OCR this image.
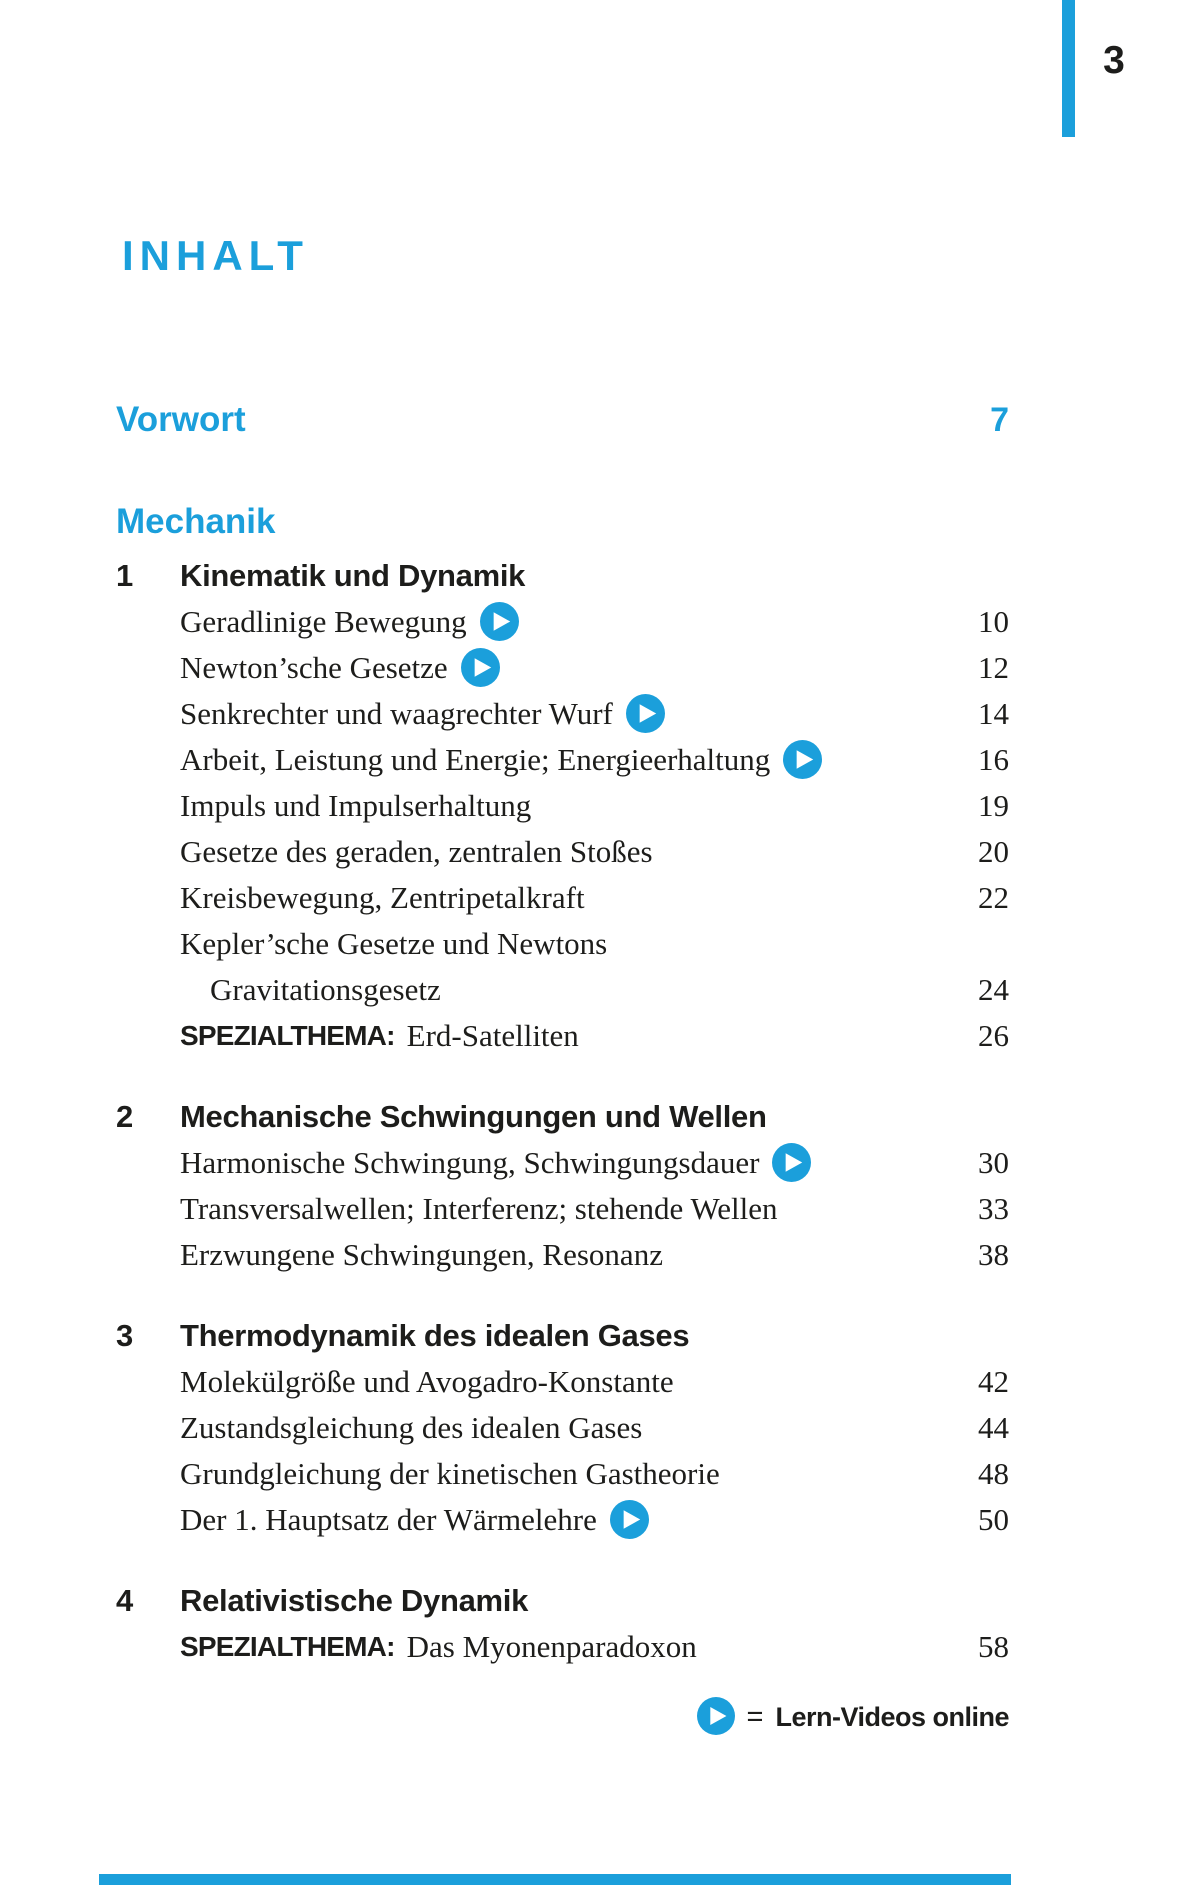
3
INHALT
Vorwort	7
Mechanik
1	Kinematik und Dynamik
Geradlinige Bewegung	10
Newton’sche Gesetze	12
Senkrechter und waagrechter Wurf	14
Arbeit, Leistung und Energie; Energieerhaltung	16
Impuls und Impulserhaltung	19
Gesetze des geraden, zentralen Stoßes	20
Kreisbewegung, Zentripetalkraft	22
Kepler’sche Gesetze und Newtons
Gravitationsgesetz	24
SPEZIALTHEMA: Erd-Satelliten	26
2	Mechanische Schwingungen und Wellen
Harmonische Schwingung, Schwingungsdauer	30
Transversalwellen; Interferenz; stehende Wellen	33
Erzwungene Schwingungen, Resonanz	38
3	Thermodynamik des idealen Gases
Molekülgröße und Avogadro-Konstante	42
Zustandsgleichung des idealen Gases	44
Grundgleichung der kinetischen Gastheorie	48
Der 1. Hauptsatz der Wärmelehre	50
4	Relativistische Dynamik
SPEZIALTHEMA: Das Myonenparadoxon	58
= Lern-Videos online
